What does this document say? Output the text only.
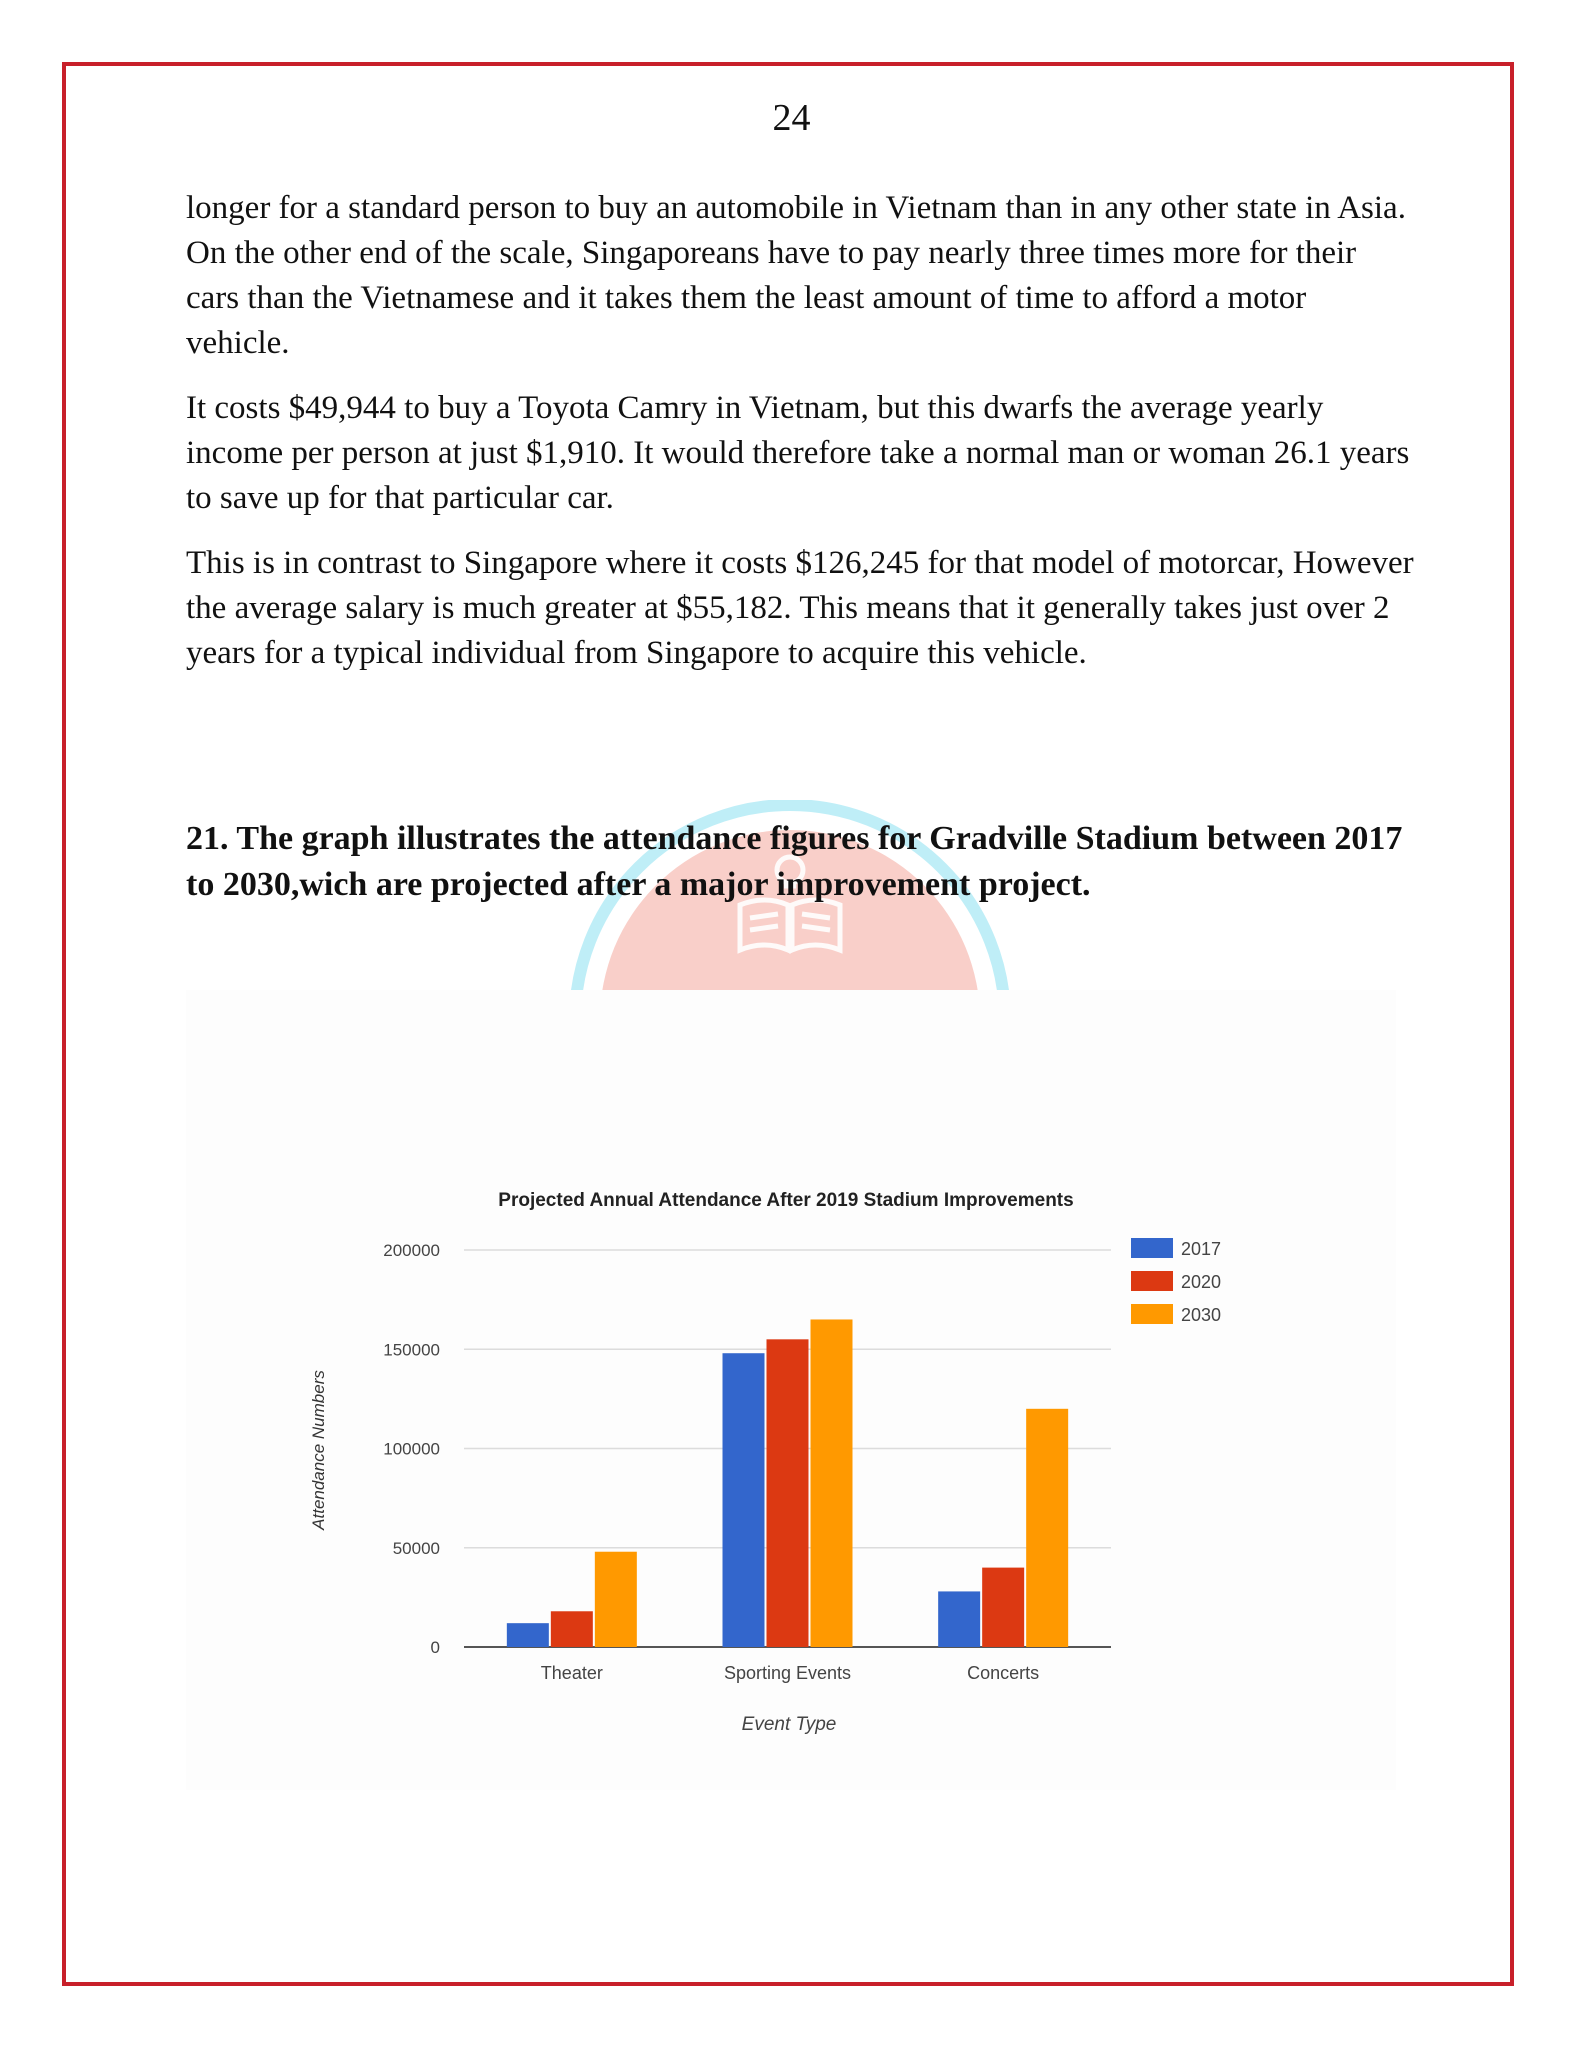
24

longer for a standard person to buy an automobile in Vietnam than in any other state in Asia. On the other end of the scale, Singaporeans have to pay nearly three times more for their cars than the Vietnamese and it takes them the least amount of time to afford a motor vehicle.

It costs $49,944 to buy a Toyota Camry in Vietnam, but this dwarfs the average yearly income per person at just $1,910. It would therefore take a normal man or woman 26.1 years to save up for that particular car.

This is in contrast to Singapore where it costs $126,245 for that model of motorcar, However the average salary is much greater at $55,182. This means that it generally takes just over 2 years for a typical individual from Singapore to acquire this vehicle.

21. The graph illustrates the attendance figures for Gradville Stadium between 2017 to 2030,wich are projected after a major improvement project.
Projected Annual Attendance After 2019 Stadium Improvements
Attendance Numbers
Event Type
0
50000
100000
150000
200000
Theater	Sporting Events	Concerts
2017
2020
2030
